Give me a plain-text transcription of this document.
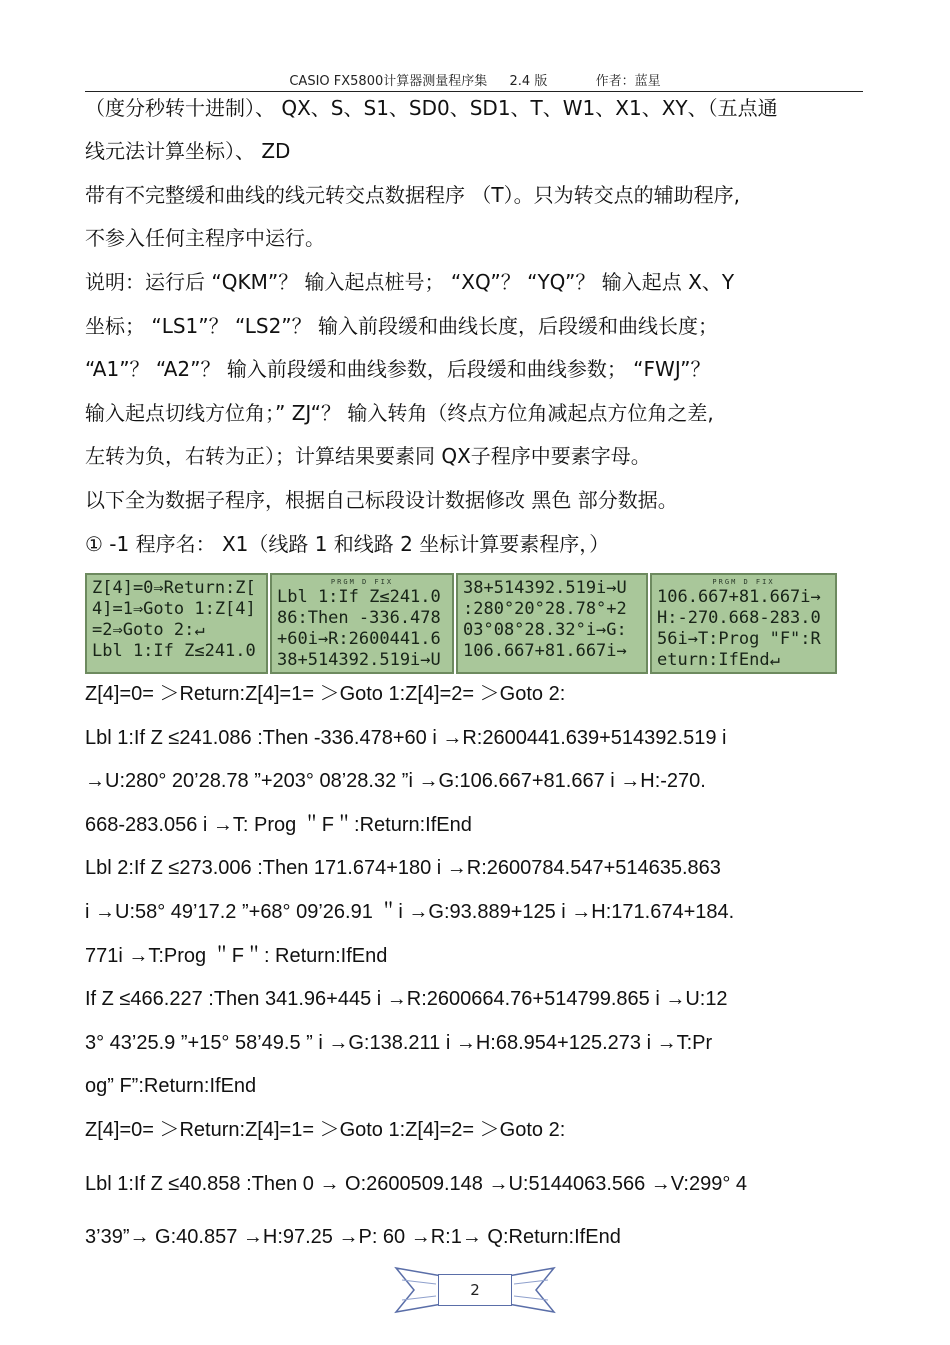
CASIO FX5800计算器测量程序集 2.4 版	作者：蓝星
（度分秒转十进制）、 QX、S、S1、SD0、SD1、T、W1、X1、XY、（五点通
线元法计算坐标）、 ZD
带有不完整缓和曲线的线元转交点数据程序 （T）。只为转交点的辅助程序,
不参入任何主程序中运行。
说明：运行后 “QKM”？ 输入起点桩号； “XQ”？ “YQ”？ 输入起点 X、Y
坐标； “LS1”？ “LS2”？ 输入前段缓和曲线长度，后段缓和曲线长度；
“A1”？ “A2”？ 输入前段缓和曲线参数，后段缓和曲线参数； “FWJ”？
输入起点切线方位角；” ZJ“？ 输入转角（终点方位角减起点方位角之差,
左转为负，右转为正）；计算结果要素同 QX子程序中要素字母。
以下全为数据子程序，根据自己标段设计数据修改 黑色 部分数据。
① -1 程序名： X1（线路 1 和线路 2 坐标计算要素程序，）
Z[4]=0⇒Return:Z[
4]=1⇒Goto 1:Z[4]
=2⇒Goto 2:↵
Lbl 1:If Z≤241.0
PRGM D FIX
Lbl 1:If Z≤241.0
86:Then -336.478
+60i→R:2600441.6
38+514392.519i→U
38+514392.519i→U
:280°20°28.78°+2
03°08°28.32°i→G:
106.667+81.667i→
PRGM D FIX
106.667+81.667i→
H:-270.668-283.0
56i→T:Prog "F":R
eturn:IfEnd↵
Z[4]=0= ＞Return:Z[4]=1= ＞Goto 1:Z[4]=2= ＞Goto 2:
Lbl 1:If Z ≤241.086 :Then -336.478+60 i →R:2600441.639+514392.519 i
→U:280° 20’28.78 ”+203° 08’28.32 ”i →G:106.667+81.667 i →H:-270.
668-283.056 i →T: Prog ＂F＂:Return:IfEnd
Lbl 2:If Z ≤273.006 :Then 171.674+180 i →R:2600784.547+514635.863
i →U:58° 49’17.2 ”+68° 09’26.91 ＂i →G:93.889+125 i →H:171.674+184.
771i →T:Prog ＂F＂: Return:IfEnd
If Z ≤466.227 :Then 341.96+445 i →R:2600664.76+514799.865 i →U:12
3° 43’25.9 ”+15° 58’49.5 ” i →G:138.211 i →H:68.954+125.273 i →T:Pr
og” F”:Return:IfEnd
Z[4]=0= ＞Return:Z[4]=1= ＞Goto 1:Z[4]=2= ＞Goto 2:
Lbl 1:If Z ≤40.858 :Then 0 → O:2600509.148 →U:5144063.566 →V:299° 4
3’39”→ G:40.857 →H:97.25 →P: 60 →R:1→ Q:Return:IfEnd
2
